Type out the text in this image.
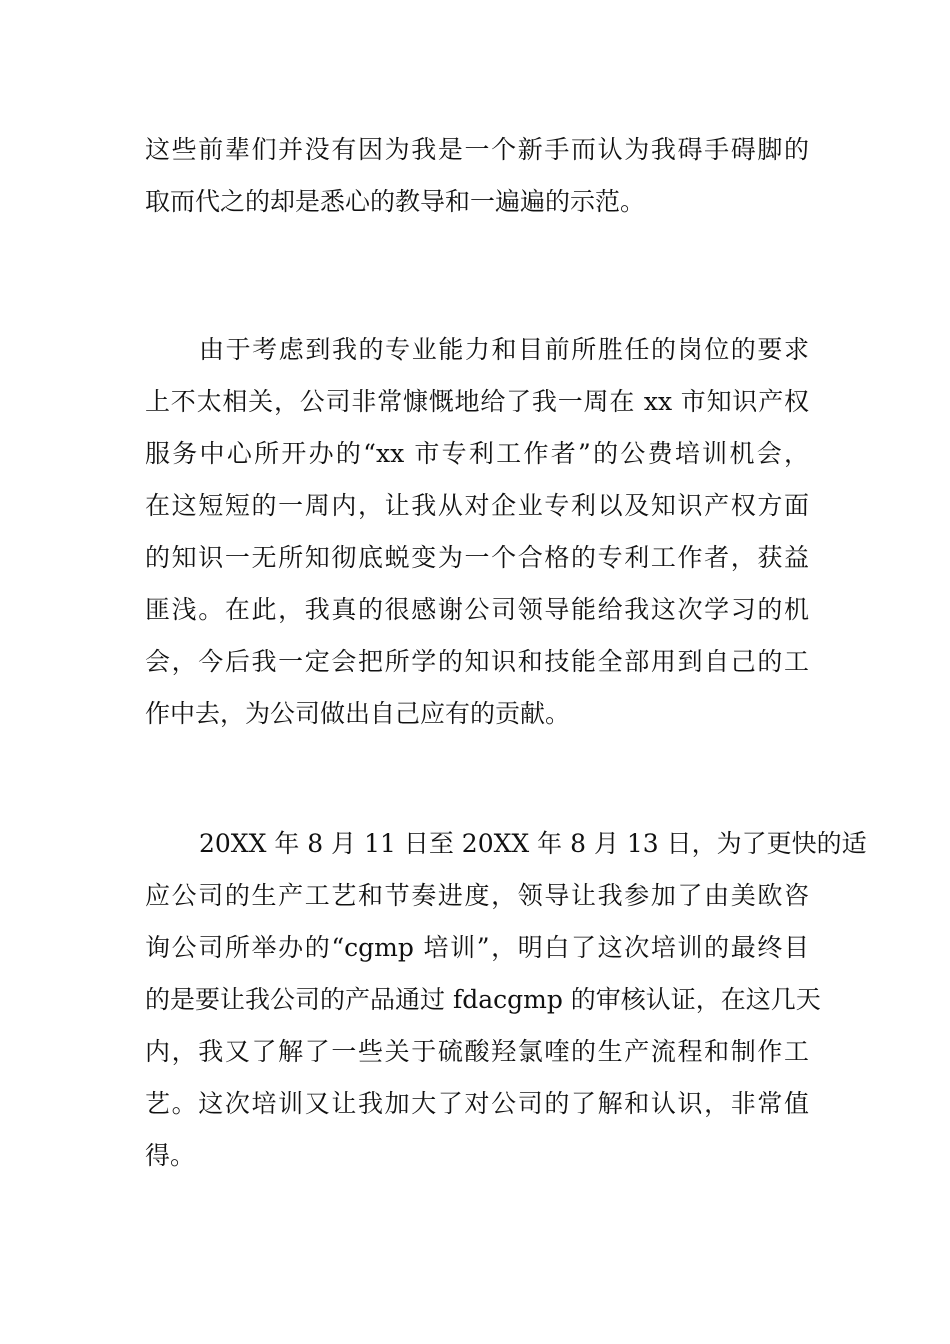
这些前辈们并没有因为我是一个新手而认为我碍手碍脚的
取而代之的却是悉心的教导和一遍遍的示范。
由于考虑到我的专业能力和目前所胜任的岗位的要求
上不太相关，公司非常慷慨地给了我一周在 xx 市知识产权
服务中心所开办的“xx 市专利工作者”的公费培训机会，
在这短短的一周内，让我从对企业专利以及知识产权方面
的知识一无所知彻底蜕变为一个合格的专利工作者，获益
匪浅。在此，我真的很感谢公司领导能给我这次学习的机
会，今后我一定会把所学的知识和技能全部用到自己的工
作中去，为公司做出自己应有的贡献。
20XX 年 8 月 11 日至 20XX 年 8 月 13 日，为了更快的适
应公司的生产工艺和节奏进度，领导让我参加了由美欧咨
询公司所举办的“cgmp 培训”，明白了这次培训的最终目
的是要让我公司的产品通过 fdacgmp 的审核认证，在这几天
内，我又了解了一些关于硫酸羟氯喹的生产流程和制作工
艺。这次培训又让我加大了对公司的了解和认识，非常值
得。
